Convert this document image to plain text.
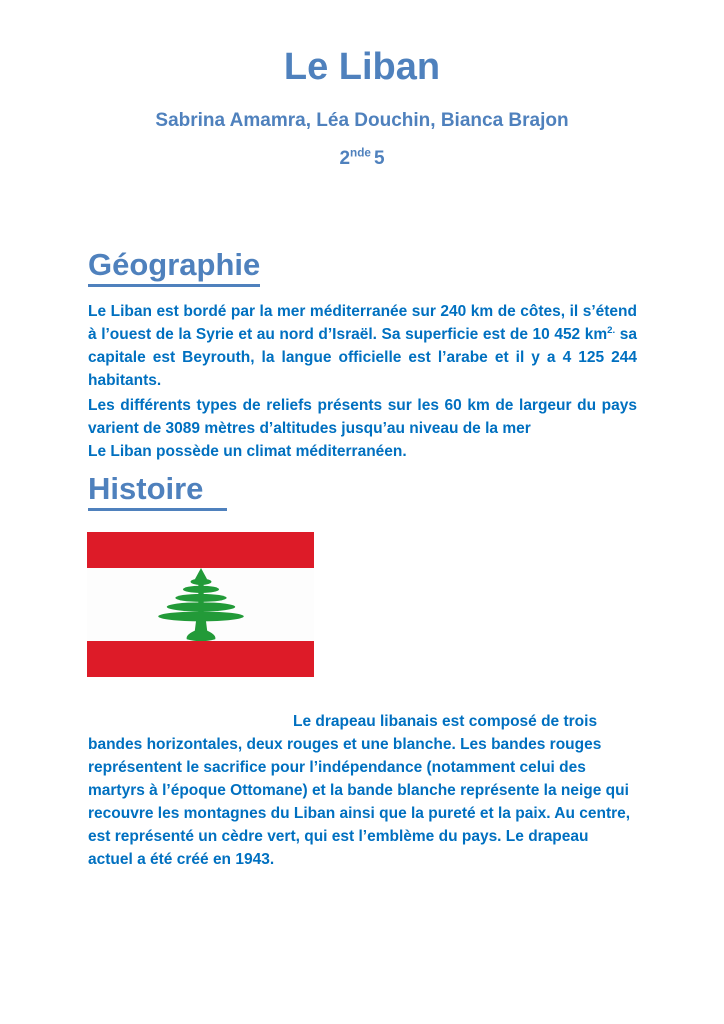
Le Liban
Sabrina Amamra, Léa Douchin, Bianca Brajon
2nde 5
Géographie

Le Liban est bordé par la mer méditerranée sur 240 km de côtes, il s’étend à l’ouest de la Syrie et au nord d’Israël. Sa superficie est de 10 452 $km^{2.}$ sa capitale est Beyrouth, la langue officielle est l’arabe et il y a 4 125 244 habitants.

Les différents types de reliefs présents sur les 60 km de largeur du pays varient de 3089 mètres d’altitudes jusqu’au niveau de la mer

Le Liban possède un climat méditerranéen.

Histoire

Le drapeau libanais est composé de trois bandes horizontales, deux rouges et une blanche. Les bandes rouges représentent le sacrifice pour l’indépendance (notamment celui des martyrs à l’époque Ottomane) et la bande blanche représente la neige qui recouvre les montagnes du Liban ainsi que la pureté et la paix. Au centre, est représenté un cèdre vert, qui est l’emblème du pays. Le drapeau actuel a été créé en 1943.
